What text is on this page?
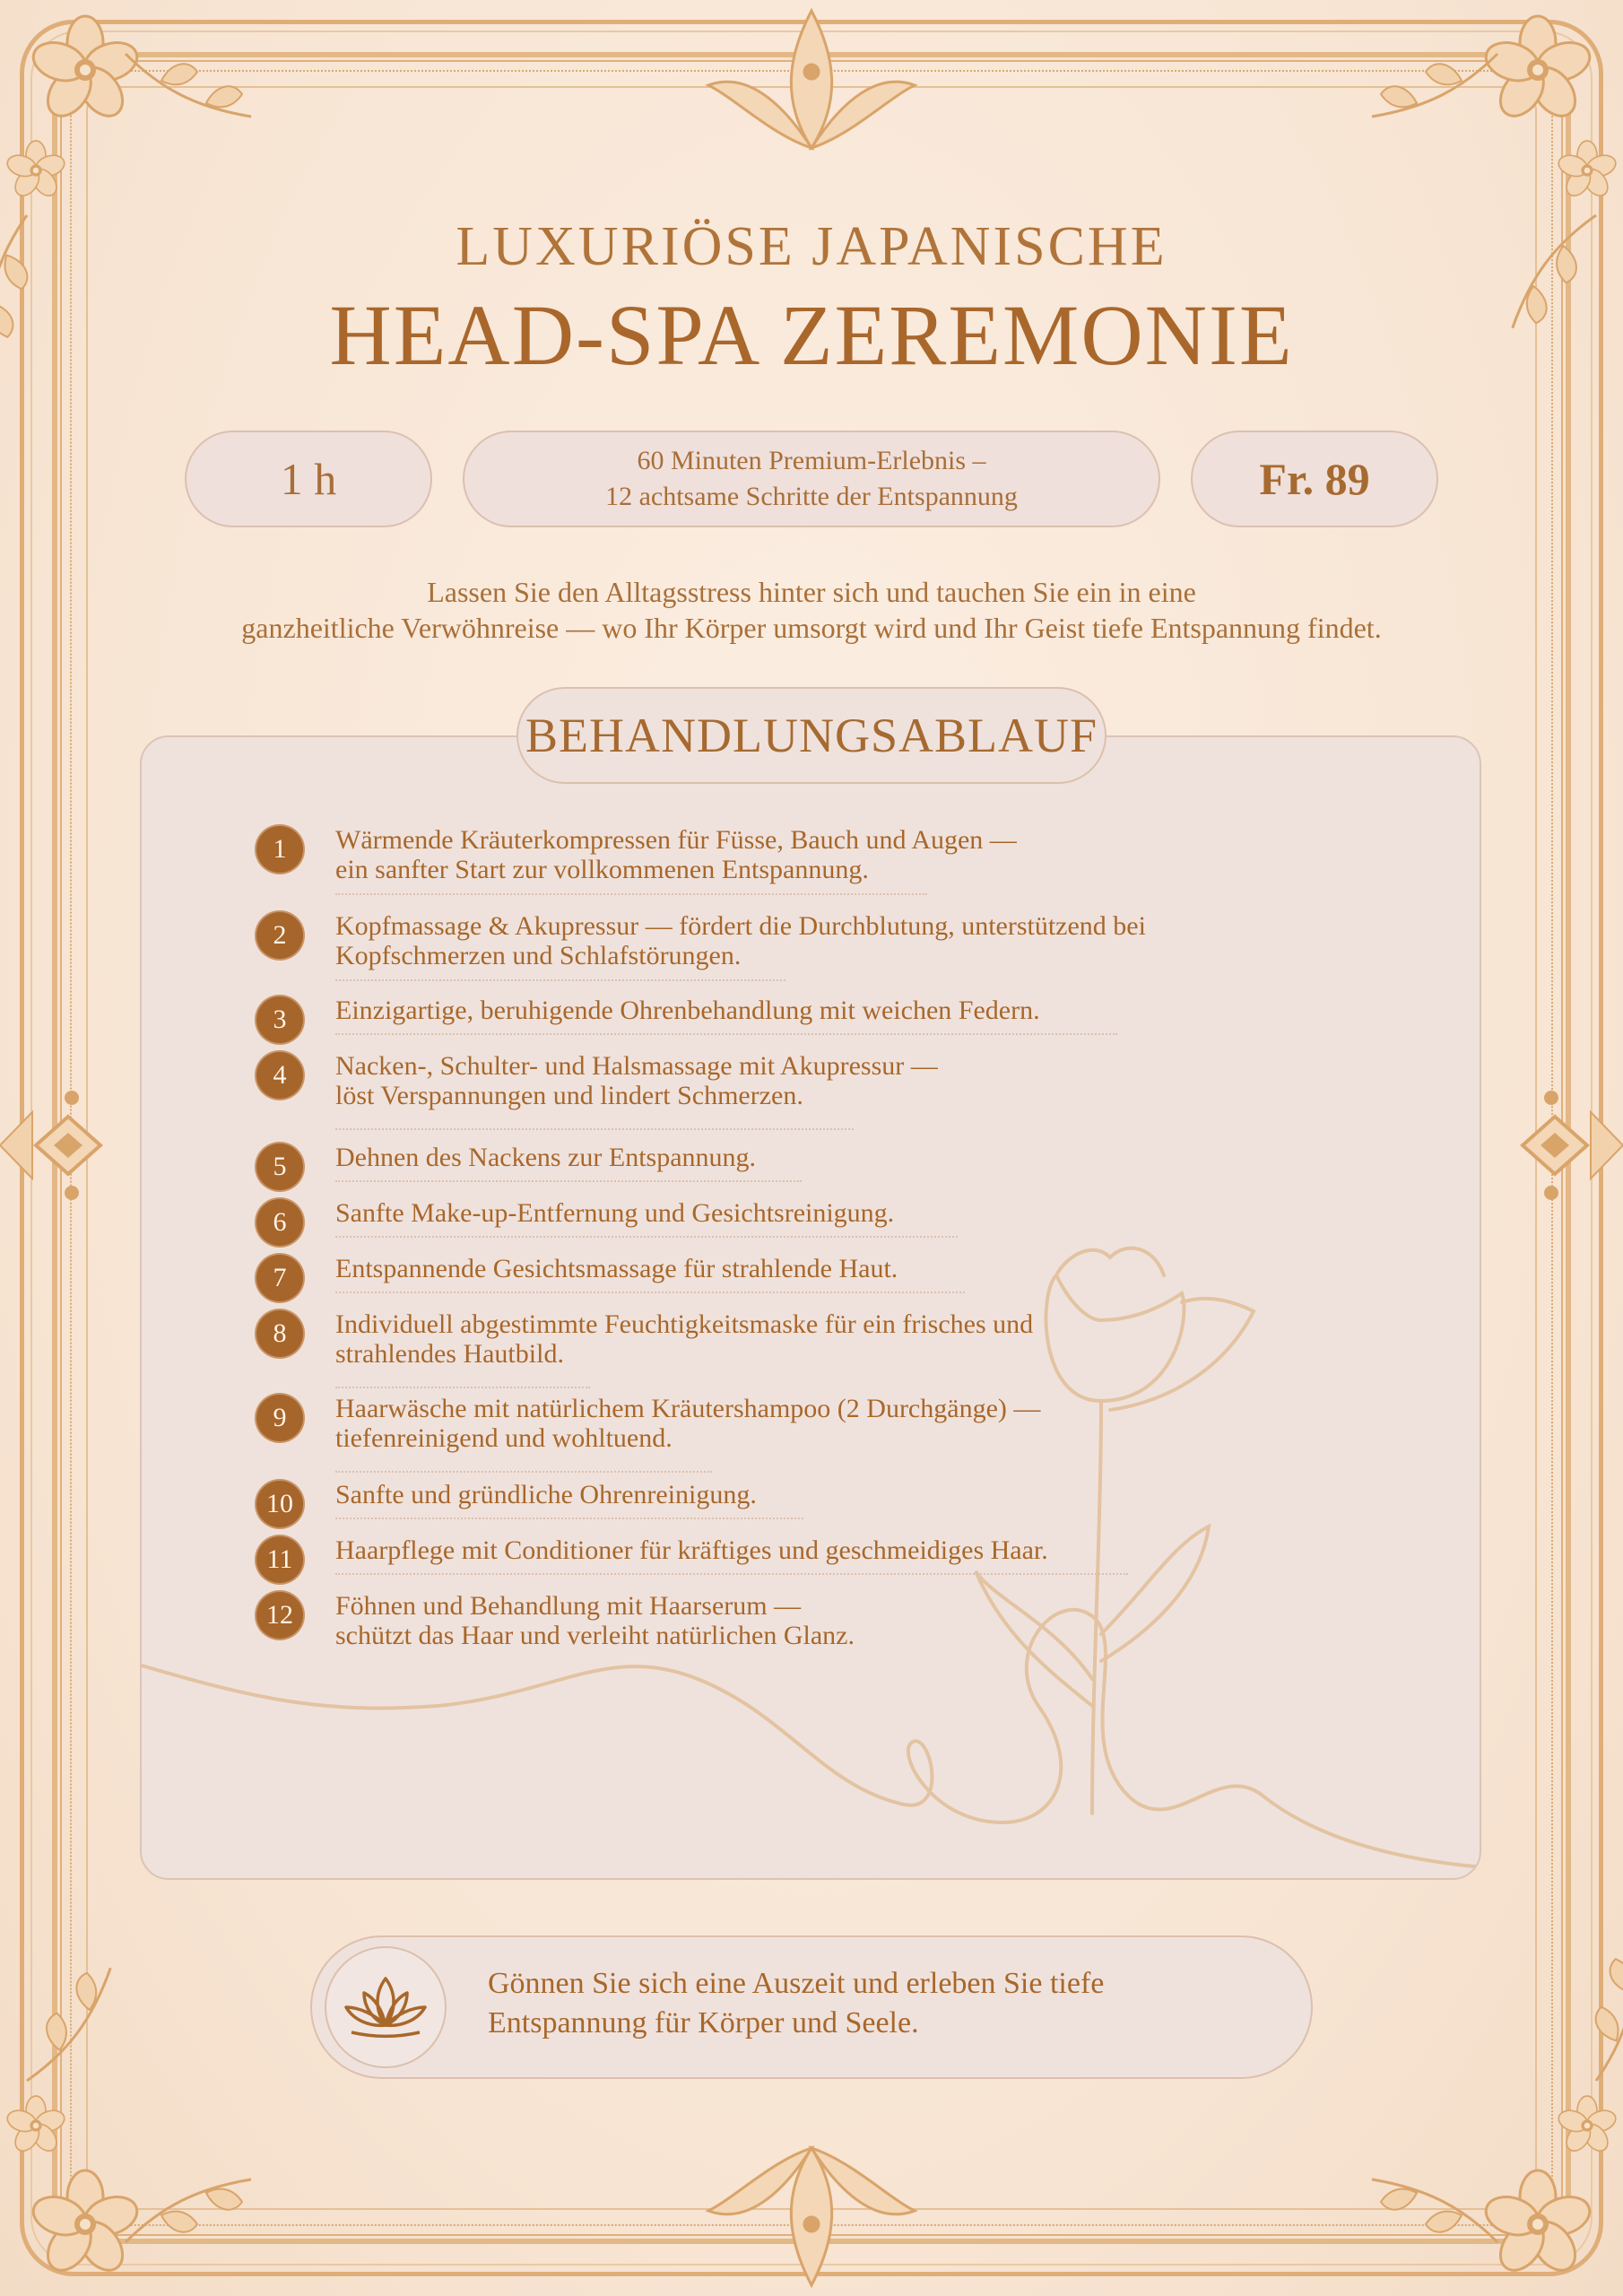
LUXURIÖSE JAPANISCHE
HEAD-SPA ZEREMONIE
1 h	60 Minuten Premium-Erlebnis –
12 achtsame Schritte der Entspannung	Fr. 89
Lassen Sie den Alltagsstress hinter sich und tauchen Sie ein in eine
ganzheitliche Verwöhnreise — wo Ihr Körper umsorgt wird und Ihr Geist tiefe Entspannung findet.
BEHANDLUNGSABLAUF
1	Wärmende Kräuterkompressen für Füsse, Bauch und Augen —
ein sanfter Start zur vollkommenen Entspannung.
2	Kopfmassage & Akupressur — fördert die Durchblutung, unterstützend bei
Kopfschmerzen und Schlafstörungen.
3	Einzigartige, beruhigende Ohrenbehandlung mit weichen Federn.
4	Nacken-, Schulter- und Halsmassage mit Akupressur —
löst Verspannungen und lindert Schmerzen.
5	Dehnen des Nackens zur Entspannung.
6	Sanfte Make-up-Entfernung und Gesichtsreinigung.
7	Entspannende Gesichtsmassage für strahlende Haut.
8	Individuell abgestimmte Feuchtigkeitsmaske für ein frisches und
strahlendes Hautbild.
9	Haarwäsche mit natürlichem Kräutershampoo (2 Durchgänge) —
tiefenreinigend und wohltuend.
10	Sanfte und gründliche Ohrenreinigung.
11	Haarpflege mit Conditioner für kräftiges und geschmeidiges Haar.
12	Föhnen und Behandlung mit Haarserum —
schützt das Haar und verleiht natürlichen Glanz.
Gönnen Sie sich eine Auszeit und erleben Sie tiefe
Entspannung für Körper und Seele.
